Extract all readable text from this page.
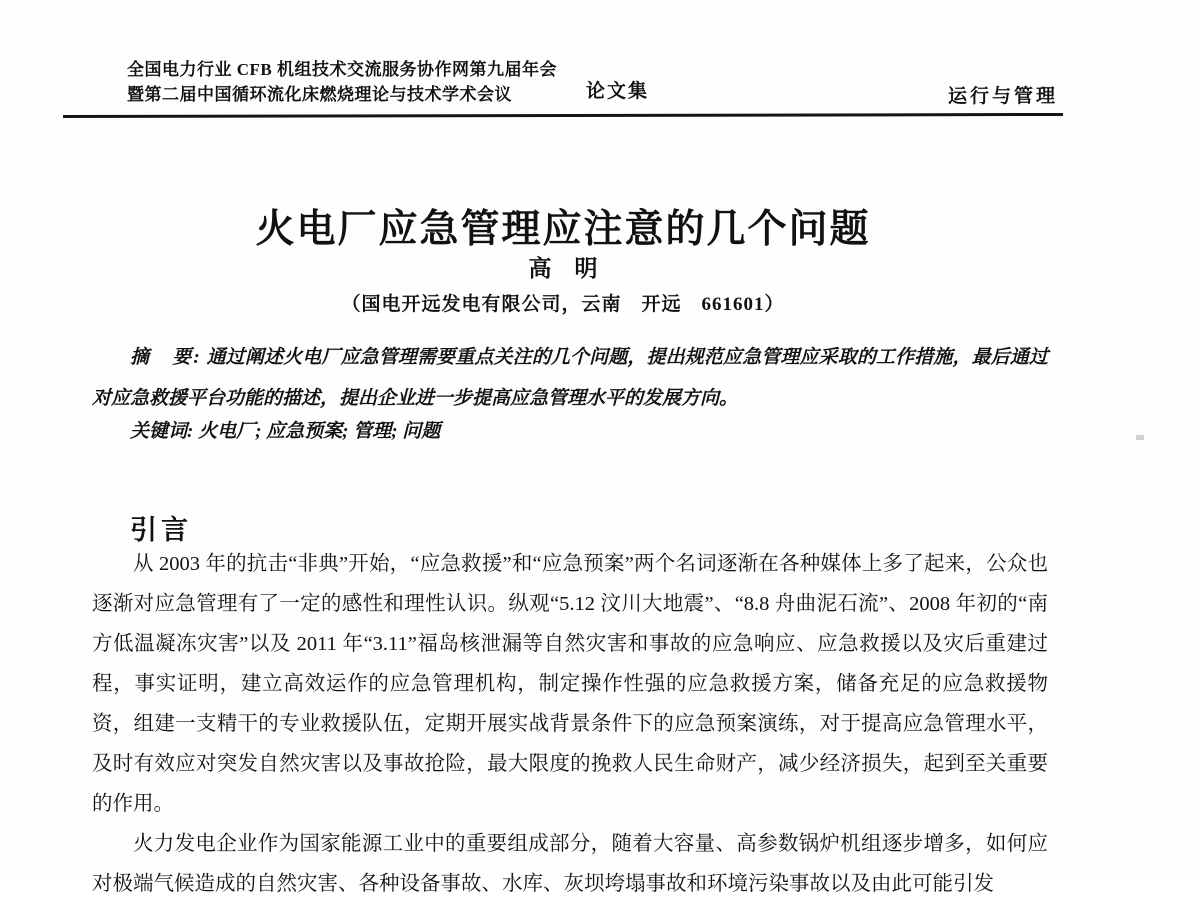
全国电力行业 CFB 机组技术交流服务协作网第九届年会
暨第二届中国循环流化床燃烧理论与技术学术会议	论文集	运行与管理
火电厂应急管理应注意的几个问题
高　明
（国电开远发电有限公司，云南　开远　661601）
摘　要: 通过阐述火电厂应急管理需要重点关注的几个问题，提出规范应急管理应采取的工作措施，最后通过对应急救援平台功能的描述，提出企业进一步提高应急管理水平的发展方向。
关键词: 火电厂; 应急预案; 管理; 问题
引言

从 2003 年的抗击“非典”开始，“应急救援”和“应急预案”两个名词逐渐在各种媒体上多了起来，公众也逐渐对应急管理有了一定的感性和理性认识。纵观“5.12 汶川大地震”、“8.8 舟曲泥石流”、2008 年初的“南方低温凝冻灾害”以及 2011 年“3.11”福岛核泄漏等自然灾害和事故的应急响应、应急救援以及灾后重建过程，事实证明，建立高效运作的应急管理机构，制定操作性强的应急救援方案，储备充足的应急救援物资，组建一支精干的专业救援队伍，定期开展实战背景条件下的应急预案演练，对于提高应急管理水平，及时有效应对突发自然灾害以及事故抢险，最大限度的挽救人民生命财产，减少经济损失，起到至关重要的作用。

火力发电企业作为国家能源工业中的重要组成部分，随着大容量、高参数锅炉机组逐步增多，如何应对极端气候造成的自然灾害、各种设备事故、水库、灰坝垮塌事故和环境污染事故以及由此可能引发
